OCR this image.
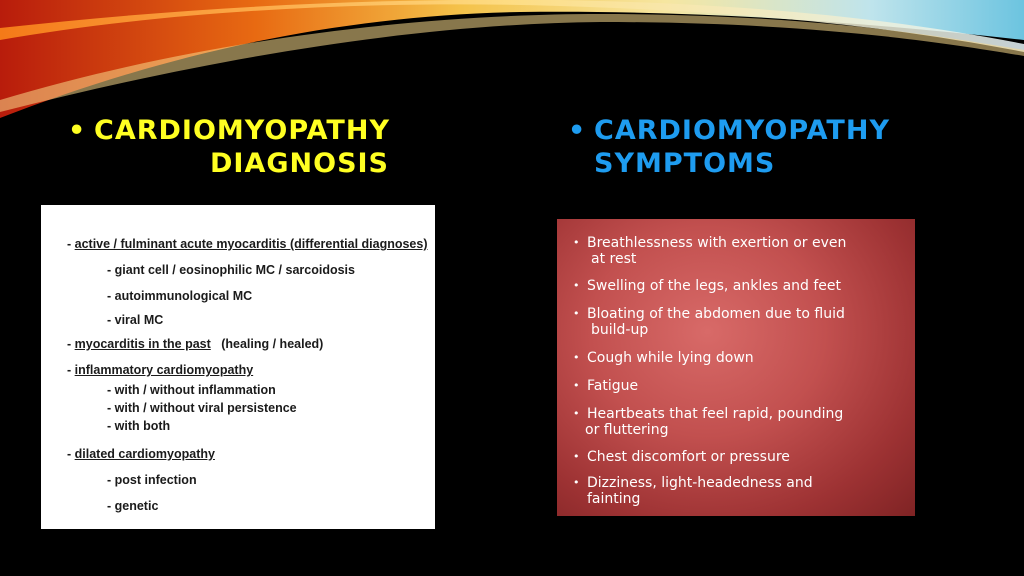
• CARDIOMYOPATHY
DIAGNOSIS
• CARDIOMYOPATHY
SYMPTOMS
- active / fulminant acute myocarditis (differential diagnoses)
- giant cell / eosinophilic MC / sarcoidosis
- autoimmunological MC
- viral MC
- myocarditis in the past   (healing / healed)
- inflammatory cardiomyopathy
- with / without inflammation
- with / without viral persistence
- with both
- dilated cardiomyopathy
- post infection
- genetic
• Breathlessness with exertion or even
at rest
• Swelling of the legs, ankles and feet
• Bloating of the abdomen due to fluid
build-up
• Cough while lying down
• Fatigue
• Heartbeats that feel rapid, pounding
or fluttering
• Chest discomfort or pressure
• Dizziness, light-headedness and
fainting
